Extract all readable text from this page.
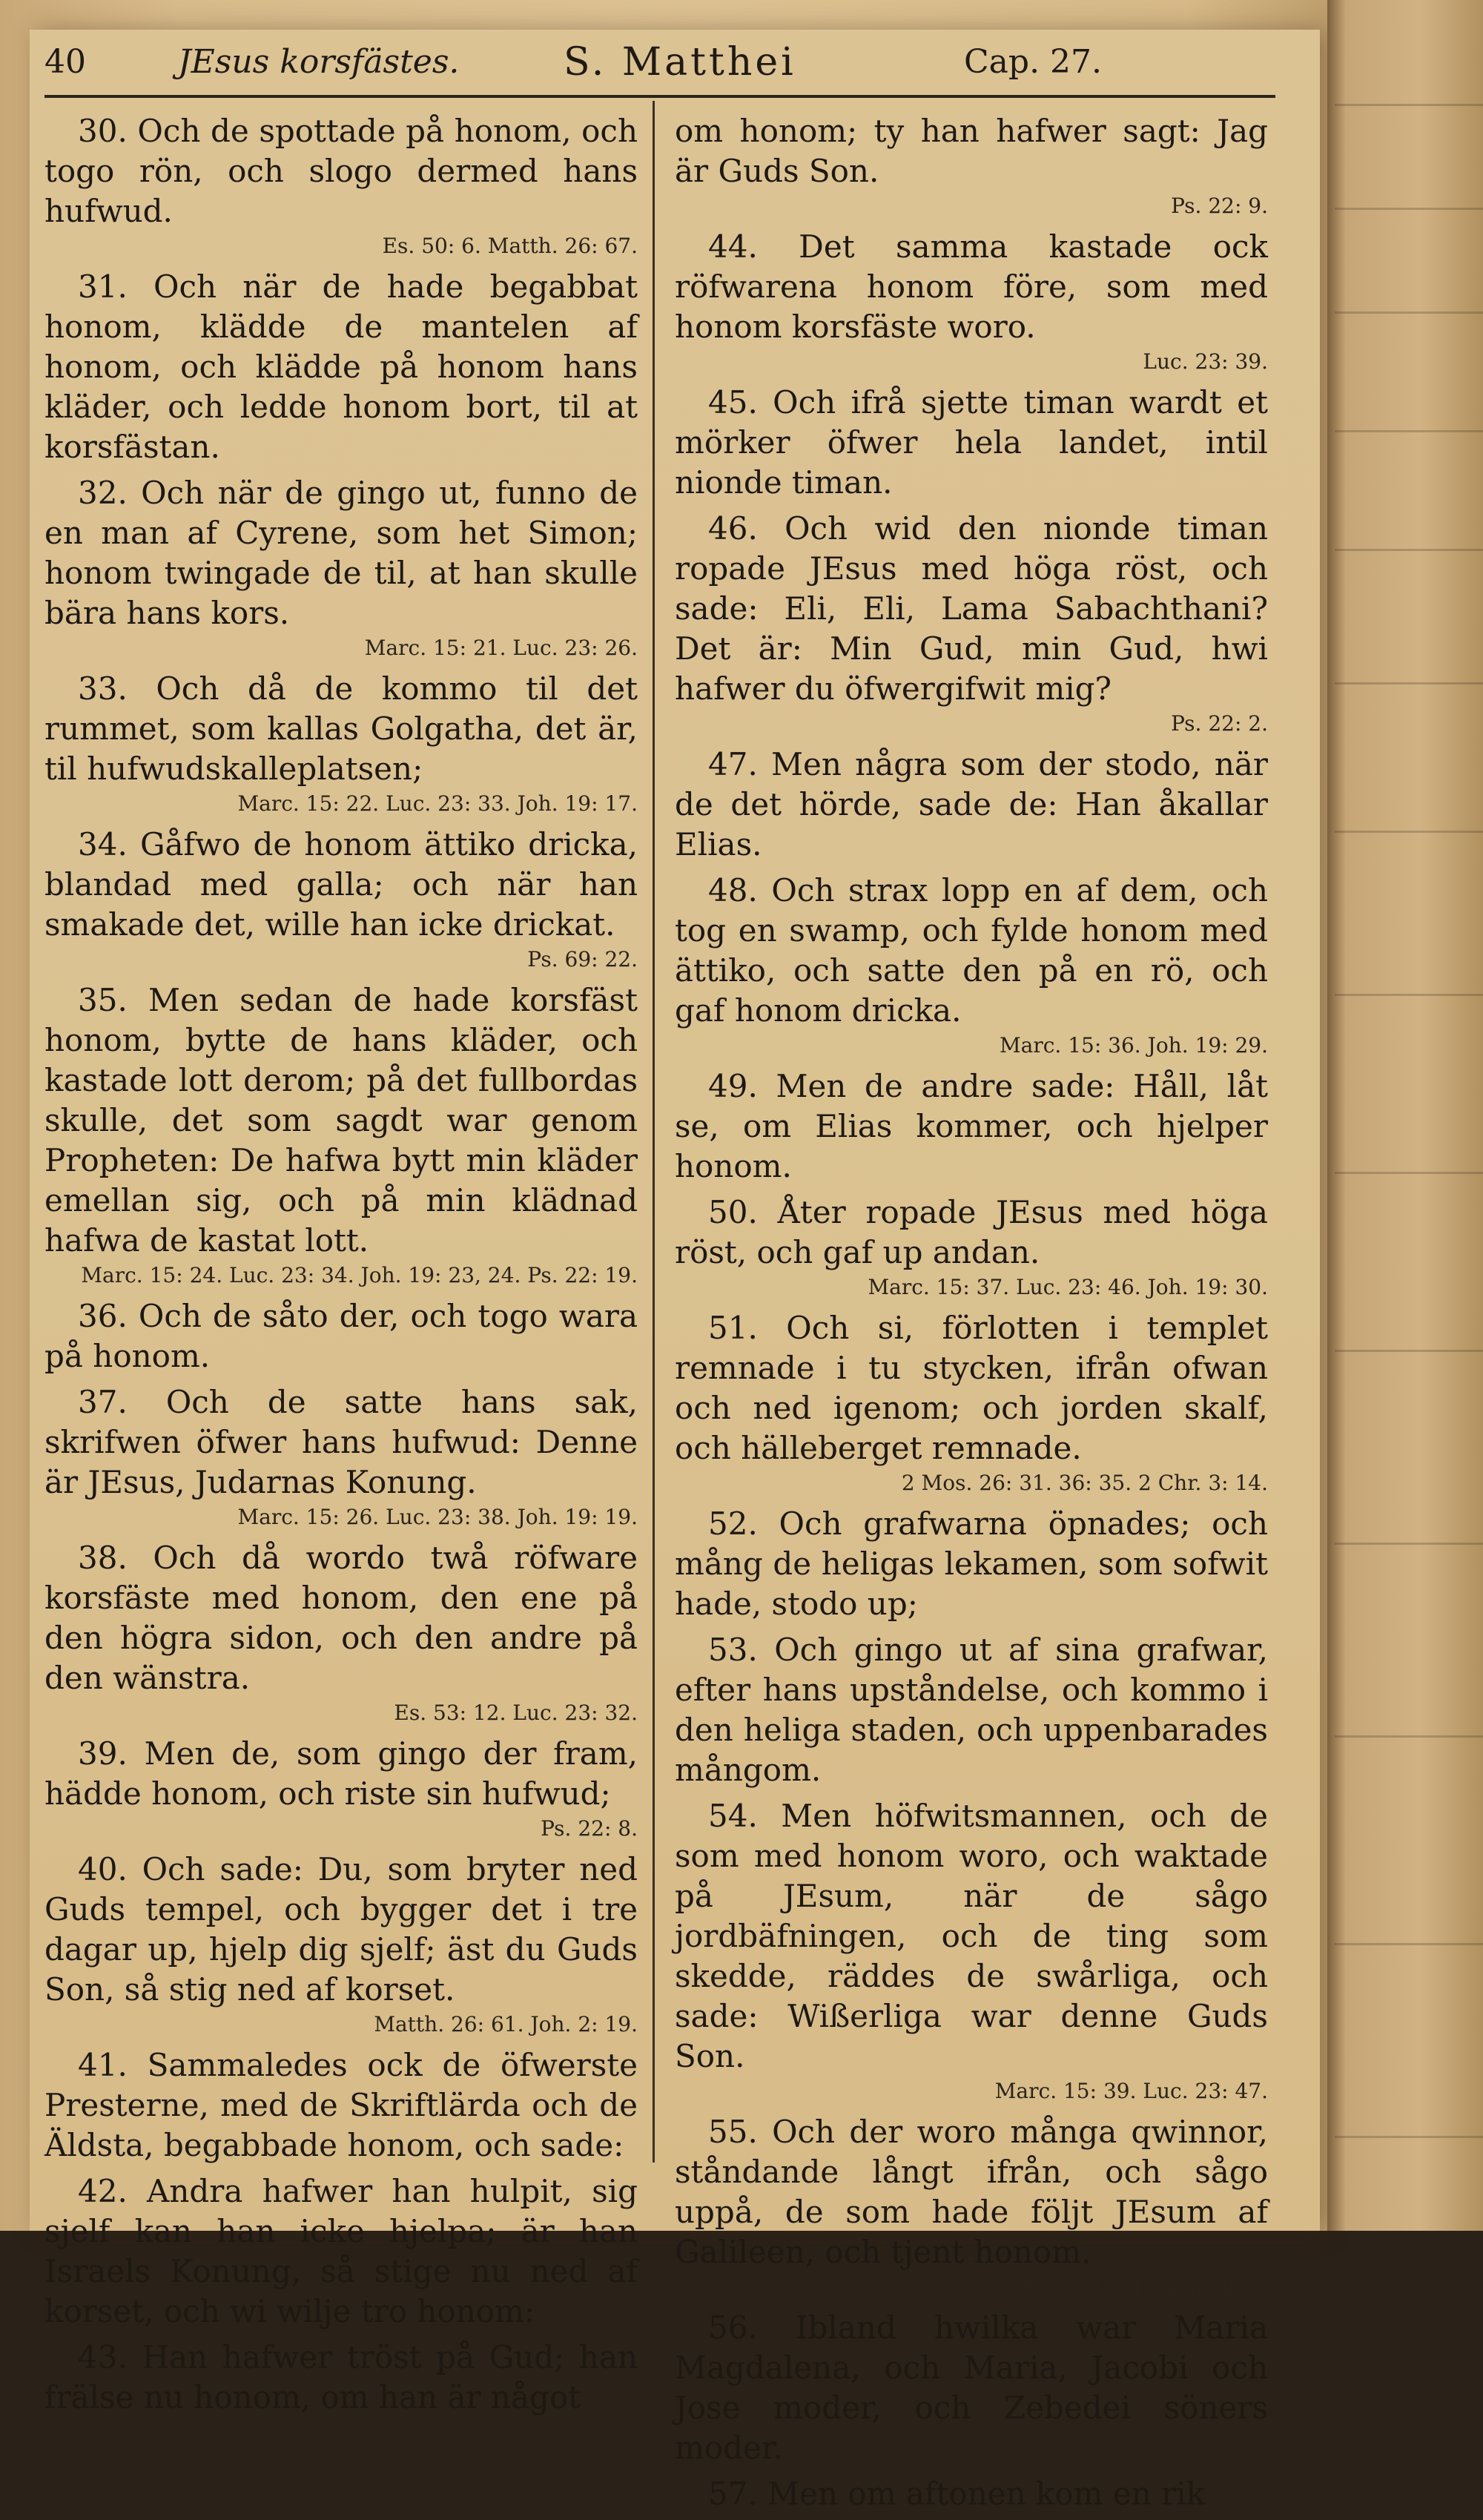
40	JEsus korsfästes.	S. Matthei	Cap. 27.

30. Och de spottade på honom, och togo rön, och slogo dermed hans hufwud.

Es. 50: 6. Matth. 26: 67.

31. Och när de hade begabbat honom, klädde de mantelen af honom, och klädde på honom hans kläder, och ledde honom bort, til at korsfästan.

32. Och när de gingo ut, funno de en man af Cyrene, som het Simon; honom twingade de til, at han skulle bära hans kors.

Marc. 15: 21. Luc. 23: 26.

33. Och då de kommo til det rummet, som kallas Golgatha, det är, til hufwudskalleplatsen;

Marc. 15: 22. Luc. 23: 33. Joh. 19: 17.

34. Gåfwo de honom ättiko dricka, blandad med galla; och när han smakade det, wille han icke drickat.

Ps. 69: 22.

35. Men sedan de hade korsfäst honom, bytte de hans kläder, och kastade lott derom; på det fullbordas skulle, det som sagdt war genom Propheten: De hafwa bytt min kläder emellan sig, och på min klädnad hafwa de kastat lott.

Marc. 15: 24. Luc. 23: 34. Joh. 19: 23, 24. Ps. 22: 19.

36. Och de såto der, och togo wara på honom.

37. Och de satte hans sak, skrifwen öfwer hans hufwud: Denne är JEsus, Judarnas Konung.

Marc. 15: 26. Luc. 23: 38. Joh. 19: 19.

38. Och då wordo twå röfware korsfäste med honom, den ene på den högra sidon, och den andre på den wänstra.

Es. 53: 12. Luc. 23: 32.

39. Men de, som gingo der fram, hädde honom, och riste sin hufwud;

Ps. 22: 8.

40. Och sade: Du, som bryter ned Guds tempel, och bygger det i tre dagar up, hjelp dig sjelf; äst du Guds Son, så stig ned af korset.

Matth. 26: 61. Joh. 2: 19.

41. Sammaledes ock de öfwerste Presterne, med de Skriftlärda och de Äldsta, begabbade honom, och sade:

42. Andra hafwer han hulpit, sig sjelf kan han icke hjelpa; är han Israels Konung, så stige nu ned af korset, och wi wilje tro honom:

43. Han hafwer tröst på Gud; han frälse nu honom, om han är något

om honom; ty han hafwer sagt: Jag är Guds Son.

Ps. 22: 9.

44. Det samma kastade ock röfwarena honom före, som med honom korsfäste woro.

Luc. 23: 39.

45. Och ifrå sjette timan wardt et mörker öfwer hela landet, intil nionde timan.

46. Och wid den nionde timan ropade JEsus med höga röst, och sade: Eli, Eli, Lama Sabachthani? Det är: Min Gud, min Gud, hwi hafwer du öfwergifwit mig?

Ps. 22: 2.

47. Men några som der stodo, när de det hörde, sade de: Han åkallar Elias.

48. Och strax lopp en af dem, och tog en swamp, och fylde honom med ättiko, och satte den på en rö, och gaf honom dricka.

Marc. 15: 36. Joh. 19: 29.

49. Men de andre sade: Håll, låt se, om Elias kommer, och hjelper honom.

50. Åter ropade JEsus med höga röst, och gaf up andan.

Marc. 15: 37. Luc. 23: 46. Joh. 19: 30.

51. Och si, förlotten i templet remnade i tu stycken, ifrån ofwan och ned igenom; och jorden skalf, och hälleberget remnade.

2 Mos. 26: 31. 36: 35. 2 Chr. 3: 14.

52. Och grafwarna öpnades; och mång de heligas lekamen, som sofwit hade, stodo up;

53. Och gingo ut af sina grafwar, efter hans upståndelse, och kommo i den heliga staden, och uppenbarades mångom.

54. Men höfwitsmannen, och de som med honom woro, och waktade på JEsum, när de sågo jordbäfningen, och de ting som skedde, räddes de swårliga, och sade: Wißerliga war denne Guds Son.

Marc. 15: 39. Luc. 23: 47.

55. Och der woro många qwinnor, ståndande långt ifrån, och sågo uppå, de som hade följt JEsum af Galileen, och tjent honom.

Marc. 15: 40. Luc. 8: 2.

56. Ibland hwilka war Maria Magdalena, och Maria, Jacobi och Jose moder, och Zebedei söners moder.

57. Men om aftonen kom en rik
